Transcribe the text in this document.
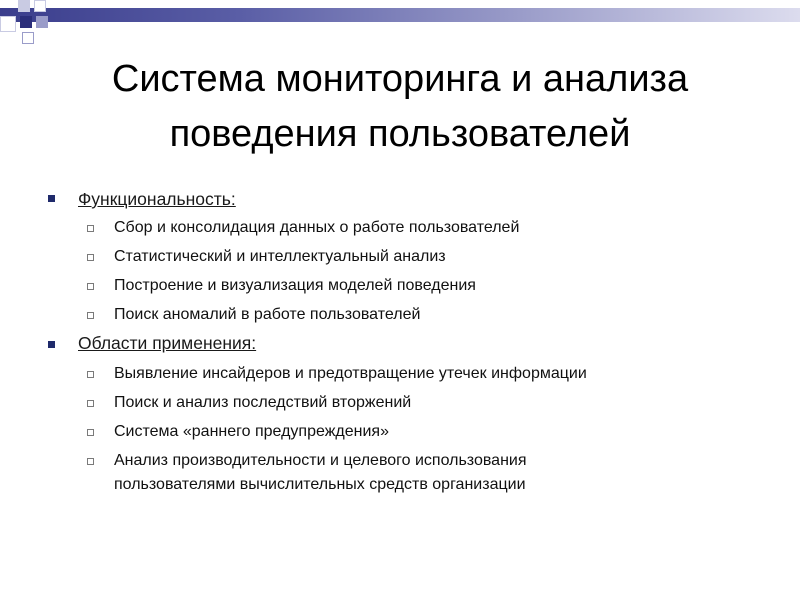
Система мониторинга и анализа
поведения пользователей
Функциональность:
Сбор и консолидация данных о работе пользователей
Статистический и интеллектуальный анализ
Построение и визуализация моделей поведения
Поиск аномалий в работе пользователей
Области применения:
Выявление инсайдеров и предотвращение утечек информации
Поиск и анализ последствий вторжений
Система «раннего предупреждения»
Анализ производительности и целевого использования
пользователями вычислительных средств организации
